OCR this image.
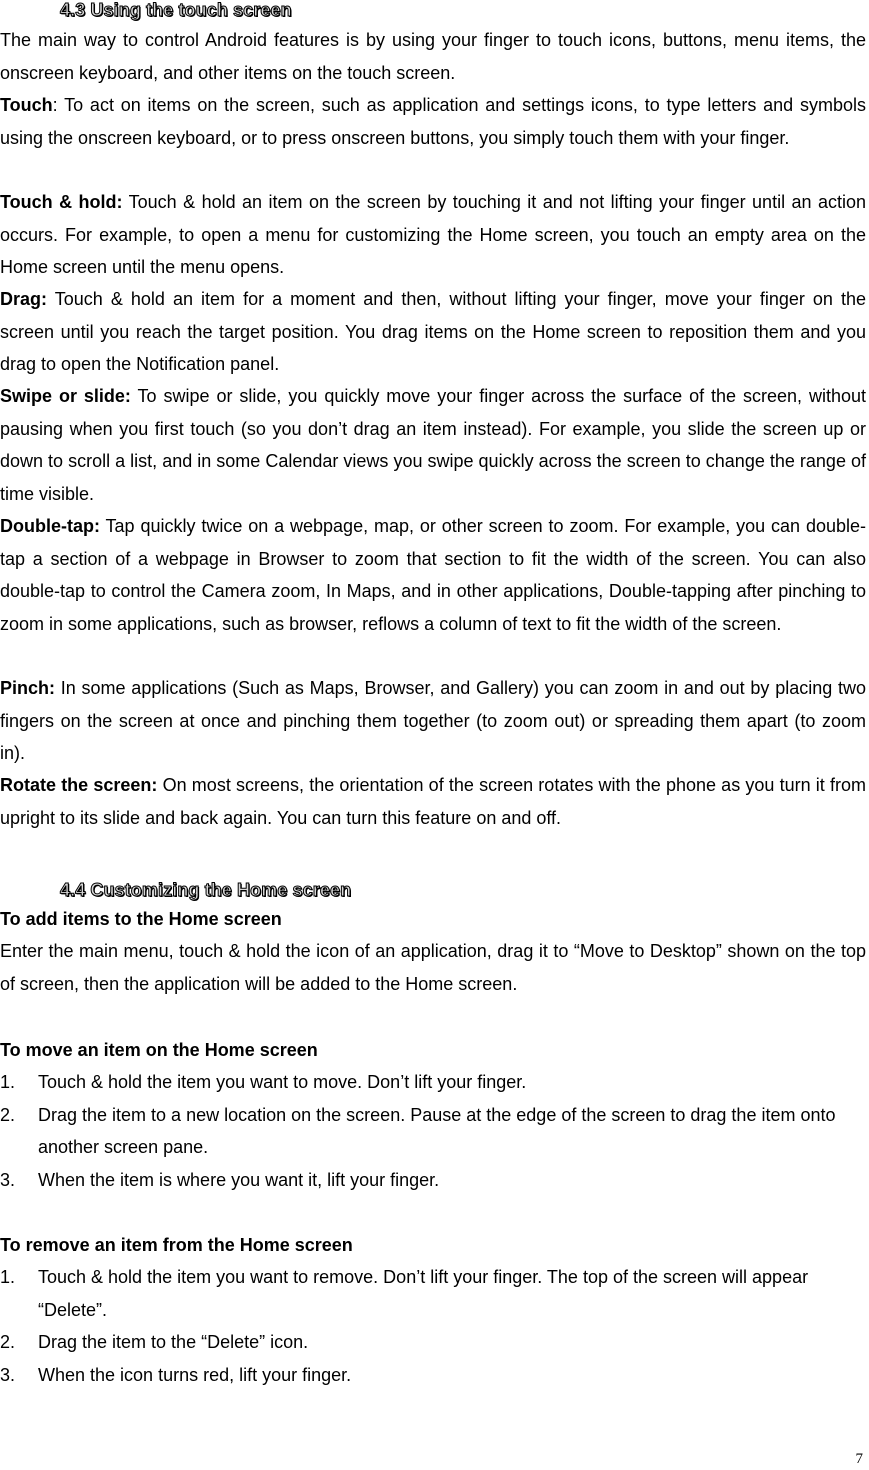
4.3 Using the touch screen
The main way to control Android features is by using your finger to touch icons, buttons, menu items, the onscreen keyboard, and other items on the touch screen.
Touch: To act on items on the screen, such as application and settings icons, to type letters and symbols using the onscreen keyboard, or to press onscreen buttons, you simply touch them with your finger.
Touch & hold: Touch & hold an item on the screen by touching it and not lifting your finger until an action occurs. For example, to open a menu for customizing the Home screen, you touch an empty area on the Home screen until the menu opens.
Drag: Touch & hold an item for a moment and then, without lifting your finger, move your finger on the screen until you reach the target position. You drag items on the Home screen to reposition them and you drag to open the Notification panel.
Swipe or slide: To swipe or slide, you quickly move your finger across the surface of the screen, without pausing when you first touch (so you don’t drag an item instead). For example, you slide the screen up or down to scroll a list, and in some Calendar views you swipe quickly across the screen to change the range of time visible.
Double-tap: Tap quickly twice on a webpage, map, or other screen to zoom. For example, you can double-tap a section of a webpage in Browser to zoom that section to fit the width of the screen. You can also double-tap to control the Camera zoom, In Maps, and in other applications, Double-tapping after pinching to zoom in some applications, such as browser, reflows a column of text to fit the width of the screen.
Pinch: In some applications (Such as Maps, Browser, and Gallery) you can zoom in and out by placing two fingers on the screen at once and pinching them together (to zoom out) or spreading them apart (to zoom in).
Rotate the screen: On most screens, the orientation of the screen rotates with the phone as you turn it from upright to its slide and back again. You can turn this feature on and off.
4.4 Customizing the Home screen
To add items to the Home screen
Enter the main menu, touch & hold the icon of an application, drag it to “Move to Desktop” shown on the top of screen, then the application will be added to the Home screen.
To move an item on the Home screen
1. Touch & hold the item you want to move. Don’t lift your finger.
2. Drag the item to a new location on the screen. Pause at the edge of the screen to drag the item onto another screen pane.
3. When the item is where you want it, lift your finger.
To remove an item from the Home screen
1. Touch & hold the item you want to remove. Don’t lift your finger. The top of the screen will appear “Delete”.
2. Drag the item to the “Delete” icon.
3. When the icon turns red, lift your finger.
7
